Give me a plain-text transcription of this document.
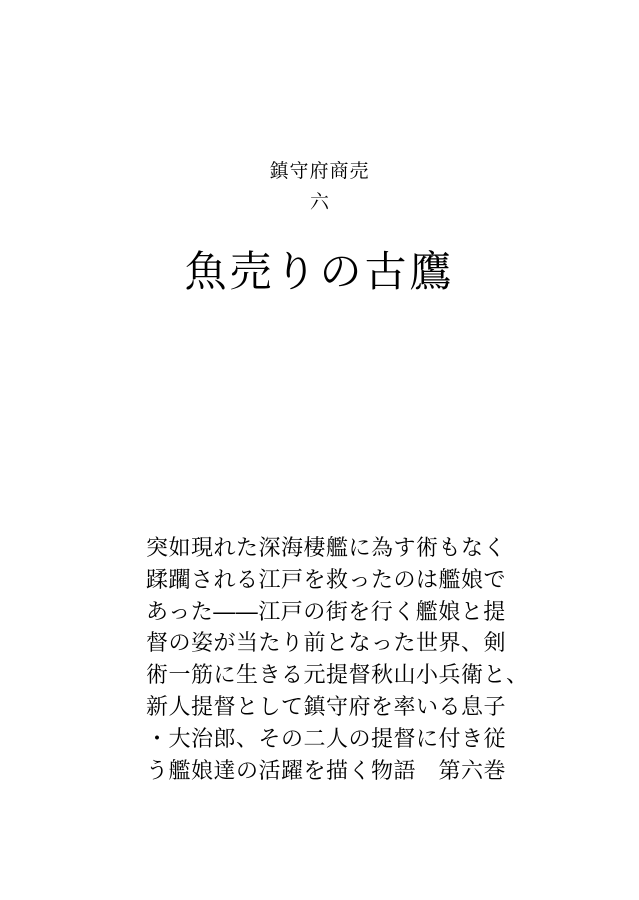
鎮守府商売
六
魚売りの古鷹
突如現れた深海棲艦に為す術もなく
蹂躙される江戸を救ったのは艦娘で
あった――江戸の街を行く艦娘と提
督の姿が当たり前となった世界、剣
術一筋に生きる元提督秋山小兵衛と、
新人提督として鎮守府を率いる息子
・大治郎、その二人の提督に付き従
う艦娘達の活躍を描く物語　第六巻
